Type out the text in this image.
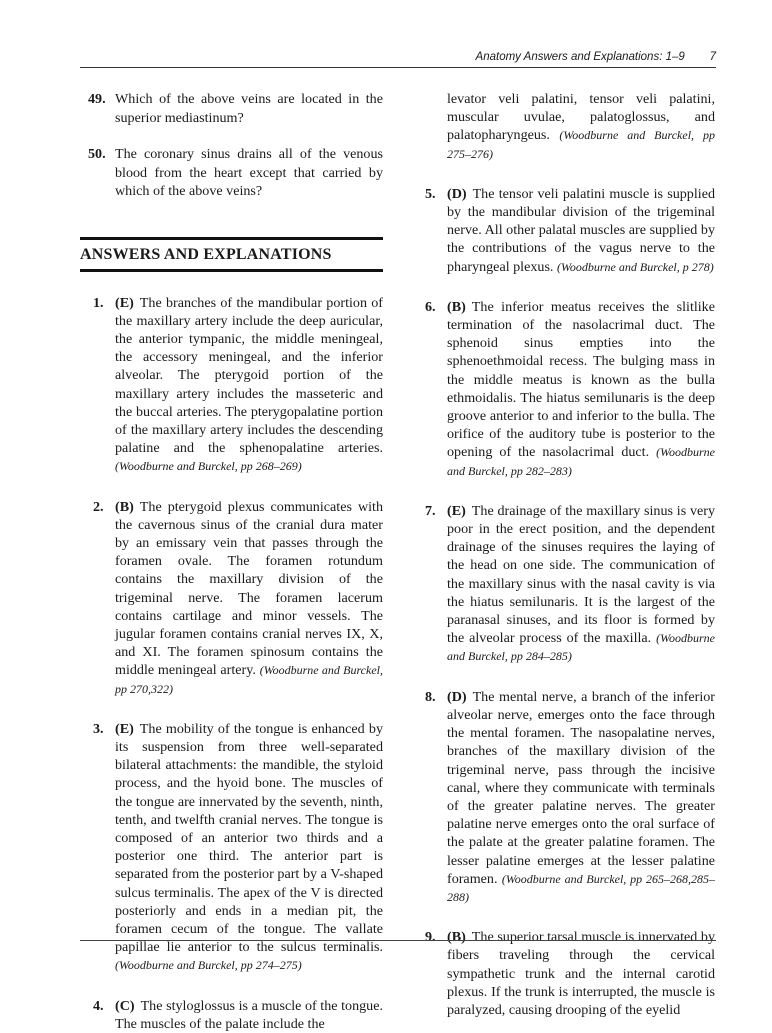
Anatomy Answers and Explanations: 1–9 7
49. Which of the above veins are located in the superior mediastinum?
50. The coronary sinus drains all of the venous blood from the heart except that carried by which of the above veins?
ANSWERS AND EXPLANATIONS
1. (E) The branches of the mandibular portion of the maxillary artery include the deep auricular, the anterior tympanic, the middle meningeal, the accessory meningeal, and the inferior alveolar. The pterygoid portion of the maxillary artery includes the masseteric and the buccal arteries. The pterygopalatine portion of the maxillary artery includes the descending palatine and the sphenopalatine arteries. (Woodburne and Burckel, pp 268–269)
2. (B) The pterygoid plexus communicates with the cavernous sinus of the cranial dura mater by an emissary vein that passes through the foramen ovale. The foramen rotundum contains the maxillary division of the trigeminal nerve. The foramen lacerum contains cartilage and minor vessels. The jugular foramen contains cranial nerves IX, X, and XI. The foramen spinosum contains the middle meningeal artery. (Woodburne and Burckel, pp 270,322)
3. (E) The mobility of the tongue is enhanced by its suspension from three well-separated bilateral attachments: the mandible, the styloid process, and the hyoid bone. The muscles of the tongue are innervated by the seventh, ninth, tenth, and twelfth cranial nerves. The tongue is composed of an anterior two thirds and a posterior one third. The anterior part is separated from the posterior part by a V-shaped sulcus terminalis. The apex of the V is directed posteriorly and ends in a median pit, the foramen cecum of the tongue. The vallate papillae lie anterior to the sulcus terminalis. (Woodburne and Burckel, pp 274–275)
4. (C) The styloglossus is a muscle of the tongue. The muscles of the palate include the
levator veli palatini, tensor veli palatini, muscular uvulae, palatoglossus, and palatopharyngeus. (Woodburne and Burckel, pp 275–276)
5. (D) The tensor veli palatini muscle is supplied by the mandibular division of the trigeminal nerve. All other palatal muscles are supplied by the contributions of the vagus nerve to the pharyngeal plexus. (Woodburne and Burckel, p 278)
6. (B) The inferior meatus receives the slitlike termination of the nasolacrimal duct. The sphenoid sinus empties into the sphenoethmoidal recess. The bulging mass in the middle meatus is known as the bulla ethmoidalis. The hiatus semilunaris is the deep groove anterior to and inferior to the bulla. The orifice of the auditory tube is posterior to the opening of the nasolacrimal duct. (Woodburne and Burckel, pp 282–283)
7. (E) The drainage of the maxillary sinus is very poor in the erect position, and the dependent drainage of the sinuses requires the laying of the head on one side. The communication of the maxillary sinus with the nasal cavity is via the hiatus semilunaris. It is the largest of the paranasal sinuses, and its floor is formed by the alveolar process of the maxilla. (Woodburne and Burckel, pp 284–285)
8. (D) The mental nerve, a branch of the inferior alveolar nerve, emerges onto the face through the mental foramen. The nasopalatine nerves, branches of the maxillary division of the trigeminal nerve, pass through the incisive canal, where they communicate with terminals of the greater palatine nerves. The greater palatine nerve emerges onto the oral surface of the palate at the greater palatine foramen. The lesser palatine emerges at the lesser palatine foramen. (Woodburne and Burckel, pp 265–268,285–288)
9. (B) The superior tarsal muscle is innervated by fibers traveling through the cervical sympathetic trunk and the internal carotid plexus. If the trunk is interrupted, the muscle is paralyzed, causing drooping of the eyelid
